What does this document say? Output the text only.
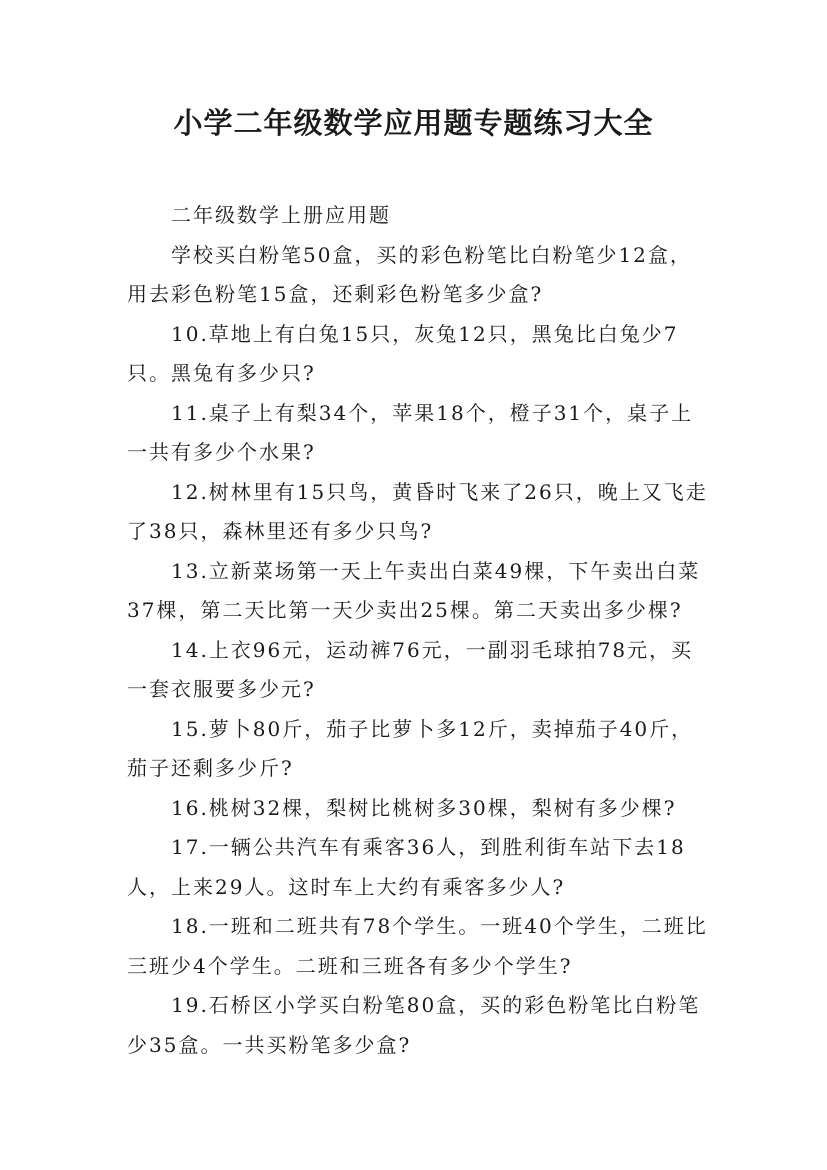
小学二年级数学应用题专题练习大全

二年级数学上册应用题

学校买白粉笔50盒，买的彩色粉笔比白粉笔少12盒，用去彩色粉笔15盒，还剩彩色粉笔多少盒?

10.草地上有白兔15只，灰兔12只，黑兔比白兔少7只。黑兔有多少只?

11.桌子上有梨34个，苹果18个，橙子31个，桌子上一共有多少个水果?

12.树林里有15只鸟，黄昏时飞来了26只，晚上又飞走了38只，森林里还有多少只鸟?

13.立新菜场第一天上午卖出白菜49棵，下午卖出白菜37棵，第二天比第一天少卖出25棵。第二天卖出多少棵?

14.上衣96元，运动裤76元，一副羽毛球拍78元，买一套衣服要多少元?

15.萝卜80斤，茄子比萝卜多12斤，卖掉茄子40斤，茄子还剩多少斤?

16.桃树32棵，梨树比桃树多30棵，梨树有多少棵?

17.一辆公共汽车有乘客36人，到胜利街车站下去18人，上来29人。这时车上大约有乘客多少人?

18.一班和二班共有78个学生。一班40个学生，二班比三班少4个学生。二班和三班各有多少个学生?

19.石桥区小学买白粉笔80盒，买的彩色粉笔比白粉笔少35盒。一共买粉笔多少盒?
